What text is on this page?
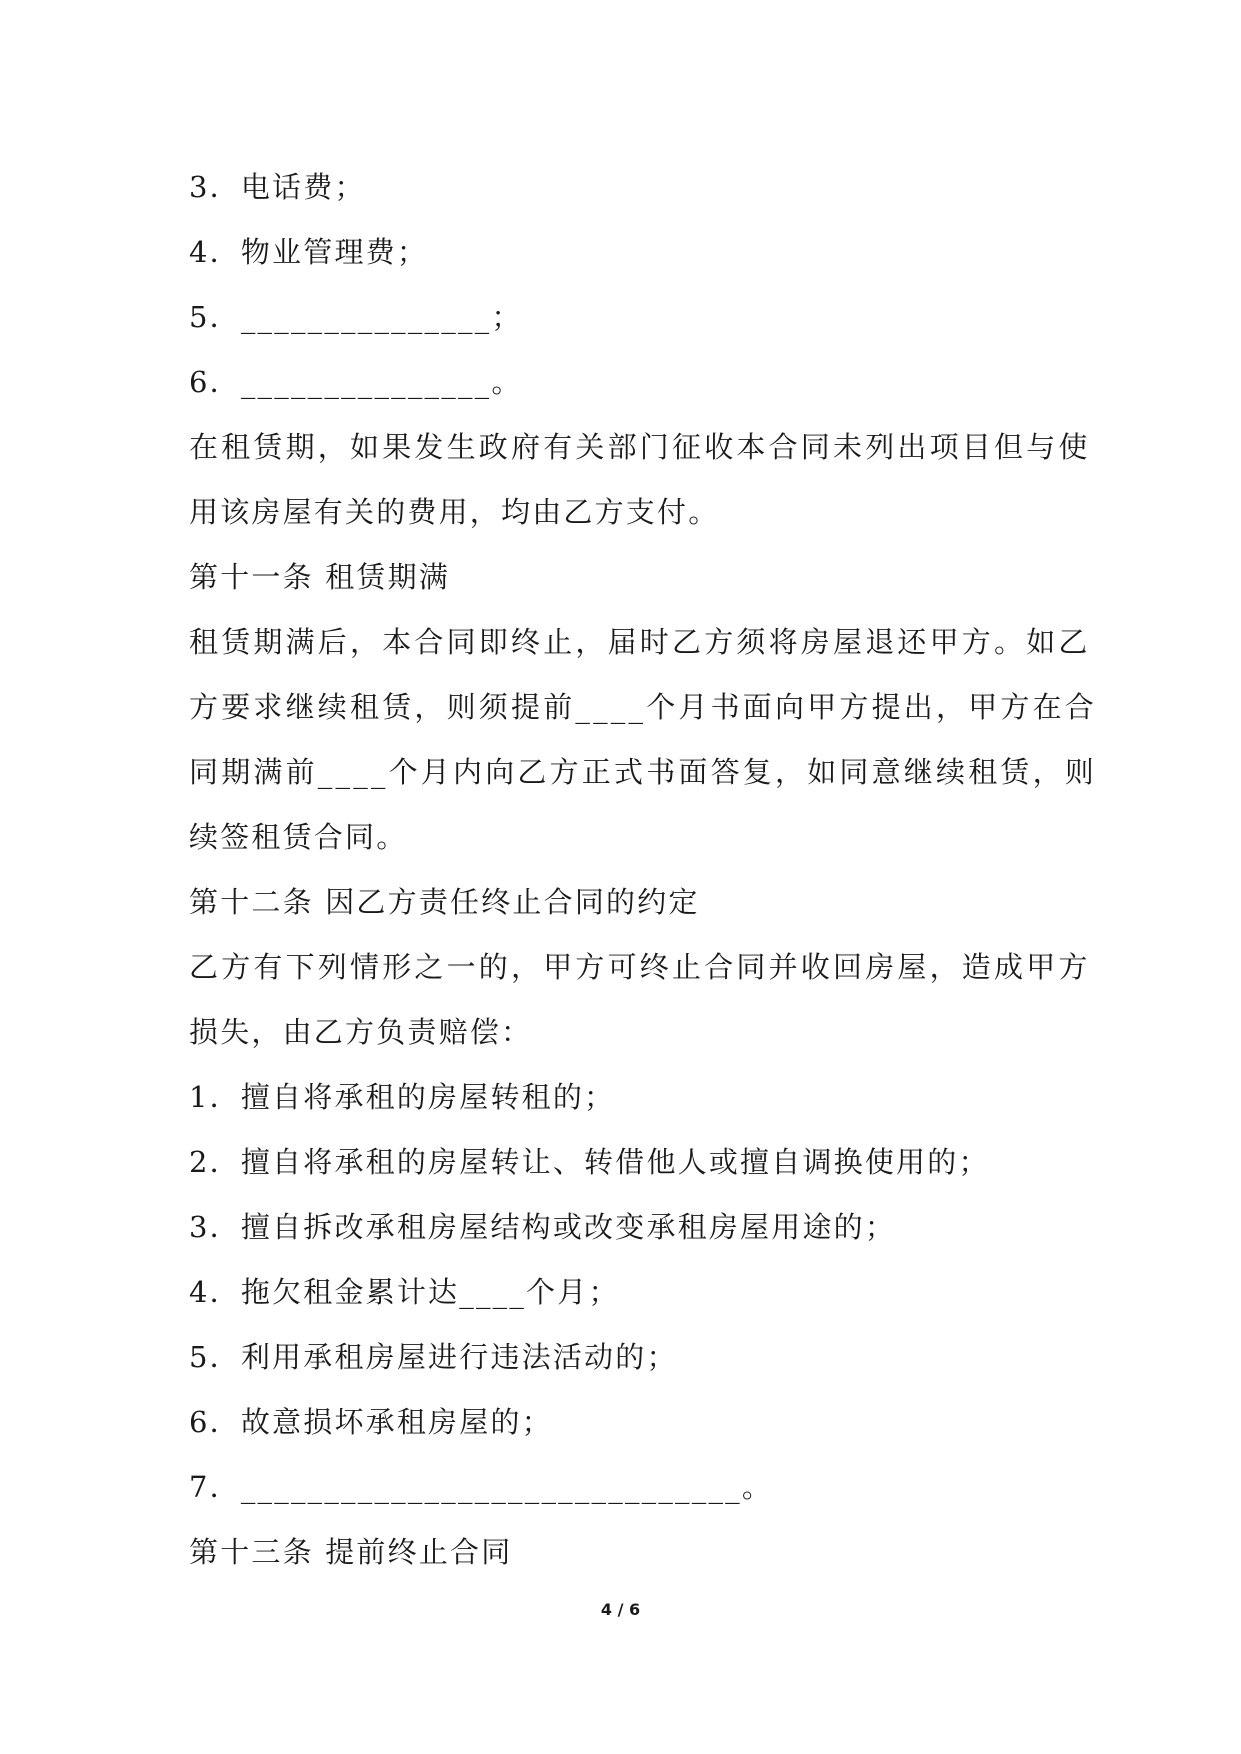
3．电话费；
4．物业管理费；
5．_______________；
6．_______________。
在租赁期，如果发生政府有关部门征收本合同未列出项目但与使
用该房屋有关的费用，均由乙方支付。
第十一条 租赁期满
租赁期满后，本合同即终止，届时乙方须将房屋退还甲方。如乙
方要求继续租赁，则须提前____个月书面向甲方提出，甲方在合
同期满前____个月内向乙方正式书面答复，如同意继续租赁，则
续签租赁合同。
第十二条 因乙方责任终止合同的约定
乙方有下列情形之一的，甲方可终止合同并收回房屋，造成甲方
损失，由乙方负责赔偿：
1．擅自将承租的房屋转租的；
2．擅自将承租的房屋转让、转借他人或擅自调换使用的；
3．擅自拆改承租房屋结构或改变承租房屋用途的；
4．拖欠租金累计达____个月；
5．利用承租房屋进行违法活动的；
6．故意损坏承租房屋的；
7．______________________________。
第十三条 提前终止合同
4 / 6
